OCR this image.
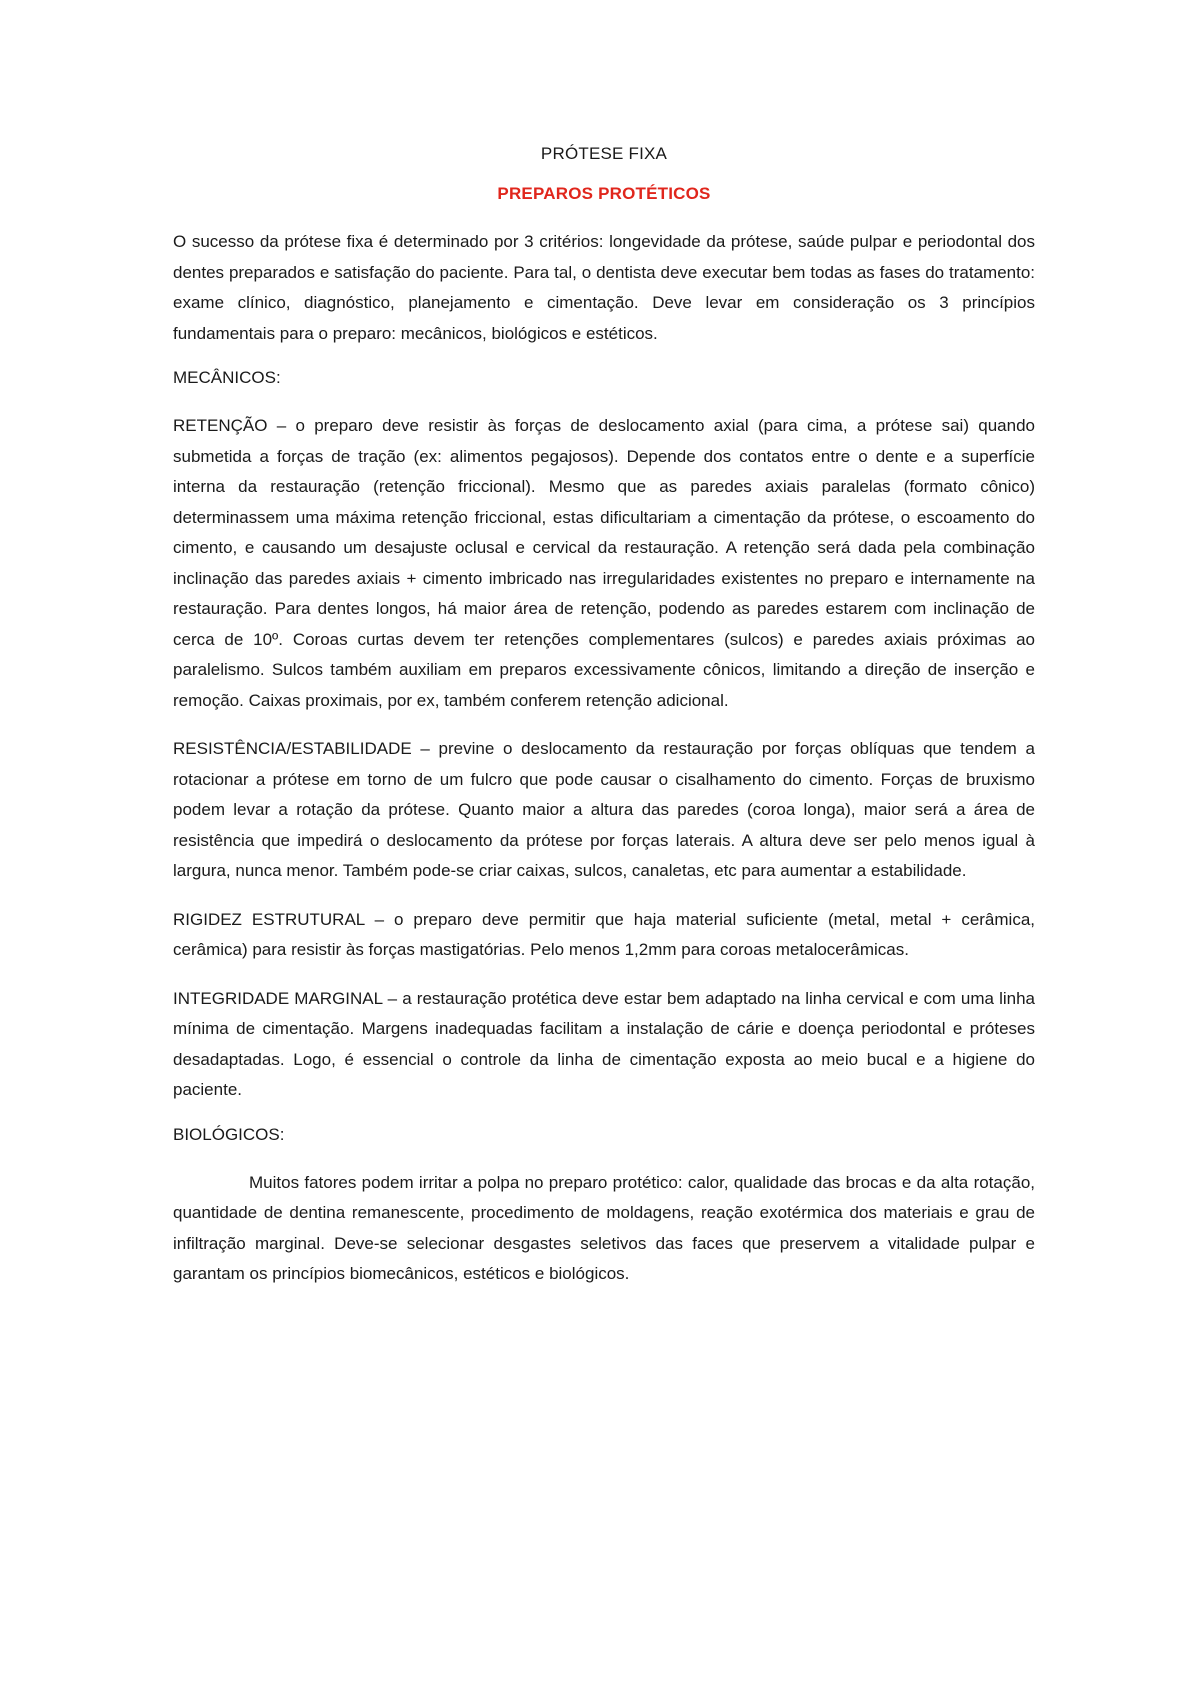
PRÓTESE FIXA
PREPAROS PROTÉTICOS

O sucesso da prótese fixa é determinado por 3 critérios: longevidade da prótese, saúde pulpar e periodontal dos dentes preparados e satisfação do paciente. Para tal, o dentista deve executar bem todas as fases do tratamento: exame clínico, diagnóstico, planejamento e cimentação. Deve levar em consideração os 3 princípios fundamentais para o preparo: mecânicos, biológicos e estéticos.

MECÂNICOS:

RETENÇÃO – o preparo deve resistir às forças de deslocamento axial (para cima, a prótese sai) quando submetida a forças de tração (ex: alimentos pegajosos). Depende dos contatos entre o dente e a superfície interna da restauração (retenção friccional). Mesmo que as paredes axiais paralelas (formato cônico) determinassem uma máxima retenção friccional, estas dificultariam a cimentação da prótese, o escoamento do cimento, e causando um desajuste oclusal e cervical da restauração. A retenção será dada pela combinação inclinação das paredes axiais + cimento imbricado nas irregularidades existentes no preparo e internamente na restauração. Para dentes longos, há maior área de retenção, podendo as paredes estarem com inclinação de cerca de 10º. Coroas curtas devem ter retenções complementares (sulcos) e paredes axiais próximas ao paralelismo. Sulcos também auxiliam em preparos excessivamente cônicos, limitando a direção de inserção e remoção. Caixas proximais, por ex, também conferem retenção adicional.

RESISTÊNCIA/ESTABILIDADE – previne o deslocamento da restauração por forças oblíquas que tendem a rotacionar a prótese em torno de um fulcro que pode causar o cisalhamento do cimento. Forças de bruxismo podem levar a rotação da prótese. Quanto maior a altura das paredes (coroa longa), maior será a área de resistência que impedirá o deslocamento da prótese por forças laterais. A altura deve ser pelo menos igual à largura, nunca menor. Também pode-se criar caixas, sulcos, canaletas, etc para aumentar a estabilidade.

RIGIDEZ ESTRUTURAL – o preparo deve permitir que haja material suficiente (metal, metal + cerâmica, cerâmica) para resistir às forças mastigatórias. Pelo menos 1,2mm para coroas metalocerâmicas.

INTEGRIDADE MARGINAL – a restauração protética deve estar bem adaptado na linha cervical e com uma linha mínima de cimentação. Margens inadequadas facilitam a instalação de cárie e doença periodontal e próteses desadaptadas. Logo, é essencial o controle da linha de cimentação exposta ao meio bucal e a higiene do paciente.

BIOLÓGICOS:

Muitos fatores podem irritar a polpa no preparo protético: calor, qualidade das brocas e da alta rotação, quantidade de dentina remanescente, procedimento de moldagens, reação exotérmica dos materiais e grau de infiltração marginal. Deve-se selecionar desgastes seletivos das faces que preservem a vitalidade pulpar e garantam os princípios biomecânicos, estéticos e biológicos.
